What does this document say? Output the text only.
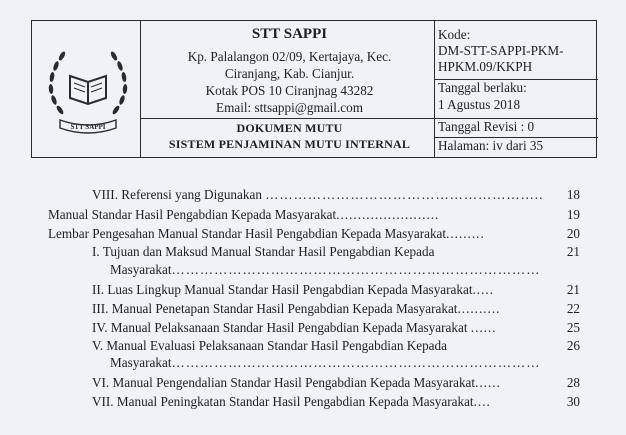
STT SAPPI
STT SAPPI
Kp. Palalangon 02/09, Kertajaya, Kec.
Ciranjang, Kab. Cianjur.
Kotak POS 10 Ciranjnag 43282
Email: sttsappi@gmail.com
DOKUMEN MUTU
SISTEM PENJAMINAN MUTU INTERNAL
Kode:
DM-STT-SAPPI-PKM-
HPKM.09/KKPH
Tanggal berlaku:
1 Agustus 2018
Tanggal Revisi : 0
Halaman: iv dari 35
VIII. Referensi yang Digunakan …………………………………………………..	18
Manual Standar Hasil Pengabdian Kepada Masyarakat........................	19
Lembar Pengesahan Manual Standar Hasil Pengabdian Kepada Masyarakat.........	20
I. Tujuan dan Maksud Manual Standar Hasil Pengabdian Kepada	21
Masyarakat……………………………………………………………………
II. Luas Lingkup Manual Standar Hasil Pengabdian Kepada Masyarakat.....	21
III. Manual Penetapan Standar Hasil Pengabdian Kepada Masyarakat..........	22
IV. Manual Pelaksanaan Standar Hasil Pengabdian Kepada Masyarakat ......	25
V. Manual Evaluasi Pelaksanaan Standar Hasil Pengabdian Kepada	26
Masyarakat……………………………………………………………………
VI. Manual Pengendalian Standar Hasil Pengabdian Kepada Masyarakat......	28
VII. Manual Peningkatan Standar Hasil Pengabdian Kepada Masyarakat....	30
